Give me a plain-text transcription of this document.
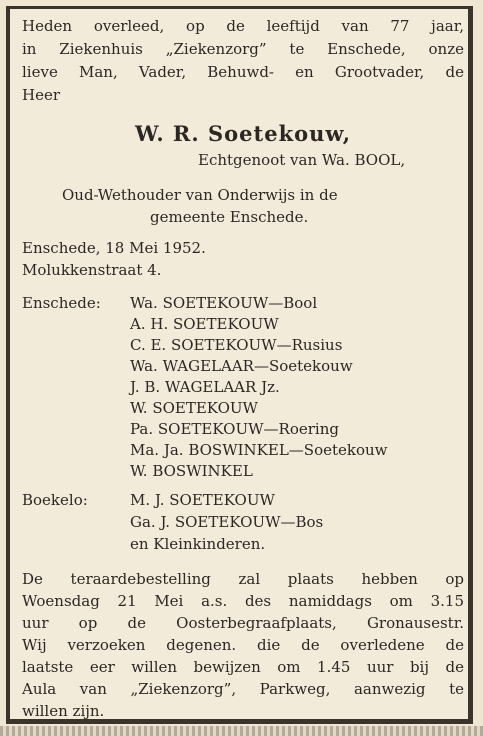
Heden overleed, op de leeftijd van 77 jaar,
in Ziekenhuis „Ziekenzorg” te Enschede, onze
lieve Man, Vader, Behuwd- en Grootvader, de
Heer
W. R. Soetekouw,
Echtgenoot van Wa. BOOL,
Oud-Wethouder van Onderwijs in de
gemeente Enschede.
Enschede, 18 Mei 1952.
Molukkenstraat 4.
Enschede: Wa. SOETEKOUW—Bool
A. H. SOETEKOUW
C. E. SOETEKOUW—Rusius
Wa. WAGELAAR—Soetekouw
J. B. WAGELAAR Jz.
W. SOETEKOUW
Pa. SOETEKOUW—Roering
Ma. Ja. BOSWINKEL—Soetekouw
W. BOSWINKEL
Boekelo:	M. J. SOETEKOUW
Ga. J. SOETEKOUW—Bos
en Kleinkinderen.
De teraardebestelling zal plaats hebben op
Woensdag 21 Mei a.s. des namiddags om 3.15
uur op de Oosterbegraafplaats, Gronausestr.
Wij verzoeken degenen. die de overledene de
laatste eer willen bewijzen om 1.45 uur bij de
Aula van „Ziekenzorg”, Parkweg, aanwezig te
willen zijn.
